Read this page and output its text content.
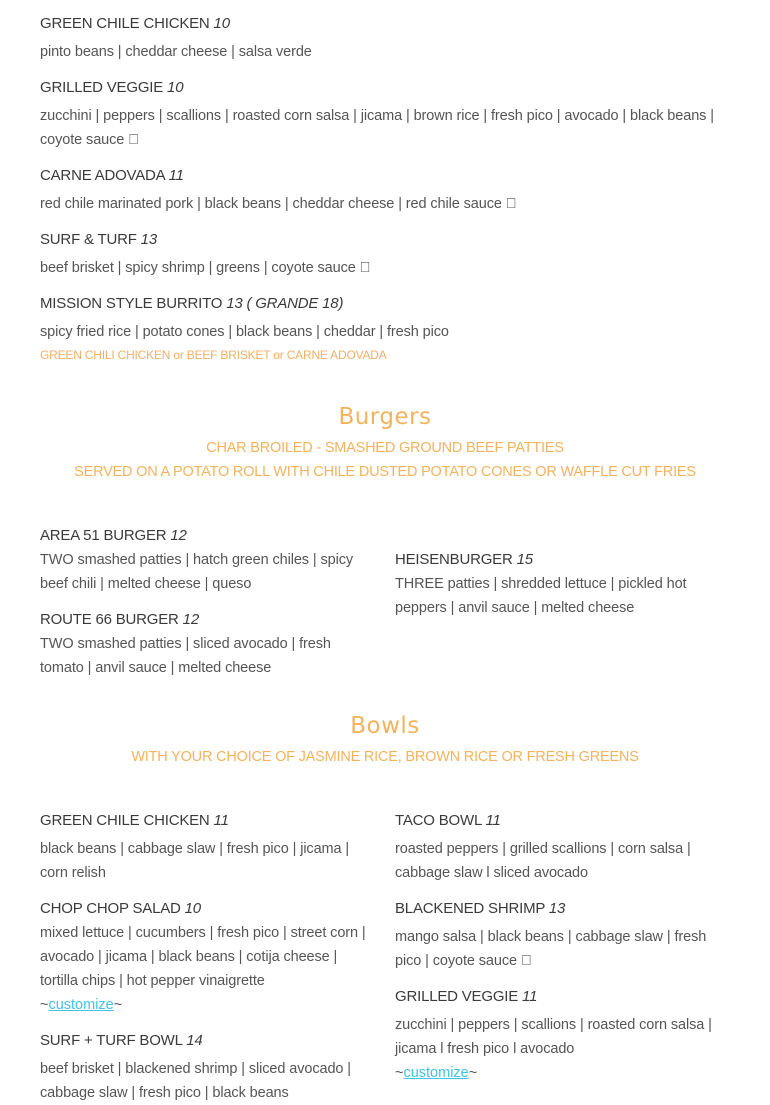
GREEN CHILE CHICKEN 10

pinto beans | cheddar cheese | salsa verde

GRILLED VEGGIE 10

zucchini | peppers | scallions | roasted corn salsa | jicama | brown rice | fresh pico | avocado | black beans | coyote sauce

CARNE ADOVADA 11

red chile marinated pork | black beans | cheddar cheese | red chile sauce

SURF & TURF 13

beef brisket | spicy shrimp | greens | coyote sauce

MISSION STYLE BURRITO 13 ( GRANDE 18)

spicy fried rice | potato cones | black beans | cheddar | fresh pico

GREEN CHILI CHICKEN or BEEF BRISKET or CARNE ADOVADA
Burgers
CHAR BROILED - SMASHED GROUND BEEF PATTIES
SERVED ON A POTATO ROLL WITH CHILE DUSTED POTATO CONES OR WAFFLE CUT FRIES

AREA 51 BURGER 12

TWO smashed patties | hatch green chiles | spicy beef chili | melted cheese | queso

ROUTE 66 BURGER 12

TWO smashed patties | sliced avocado | fresh tomato | anvil sauce | melted cheese

HEISENBURGER 15

THREE patties | shredded lettuce | pickled hot peppers | anvil sauce | melted cheese

Bowls
WITH YOUR CHOICE OF JASMINE RICE, BROWN RICE OR FRESH GREENS

GREEN CHILE CHICKEN 11

black beans | cabbage slaw | fresh pico | jicama | corn relish

CHOP CHOP SALAD 10

mixed lettuce | cucumbers | fresh pico | street corn | avocado | jicama | black beans | cotija cheese | tortilla chips | hot pepper vinaigrette

~customize~

SURF + TURF BOWL 14

beef brisket | blackened shrimp | sliced avocado | cabbage slaw | fresh pico | black beans

TACO BOWL 11

roasted peppers | grilled scallions | corn salsa | cabbage slaw l sliced avocado

BLACKENED SHRIMP 13

mango salsa | black beans | cabbage slaw | fresh pico | coyote sauce

GRILLED VEGGIE 11

zucchini | peppers | scallions | roasted corn salsa | jicama l fresh pico l avocado

~customize~
